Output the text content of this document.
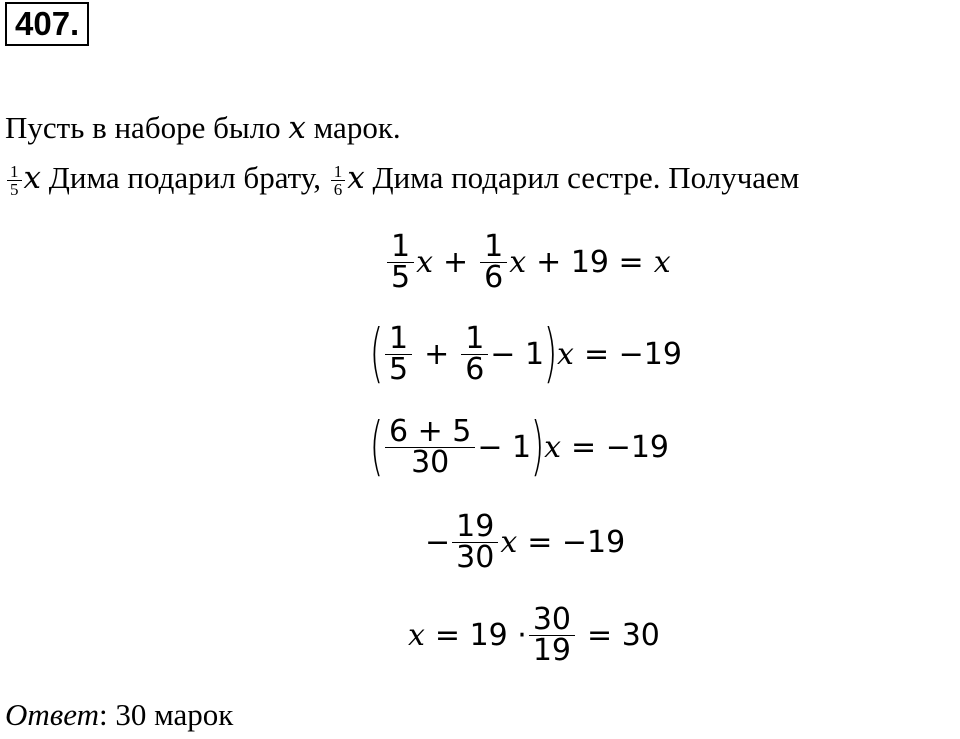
407.
Пусть в наборе было x марок.
$\frac{1}{5}$ x Дима подарил брату, $\frac{1}{6}$ x Дима подарил сестре. Получаем
$\frac{1}{5}$ $x + \frac{1}{6}$ x + 19 = x
( $\frac{1}{5} + \frac{1}{6} - 1$ ) x = −19
( $\frac{6 + 5}{30} - 1$ ) x = −19
− $\frac{19}{30}$ x = −19
$x = 19 \cdot \frac{30}{19} = 30$
Ответ: 30 марок
